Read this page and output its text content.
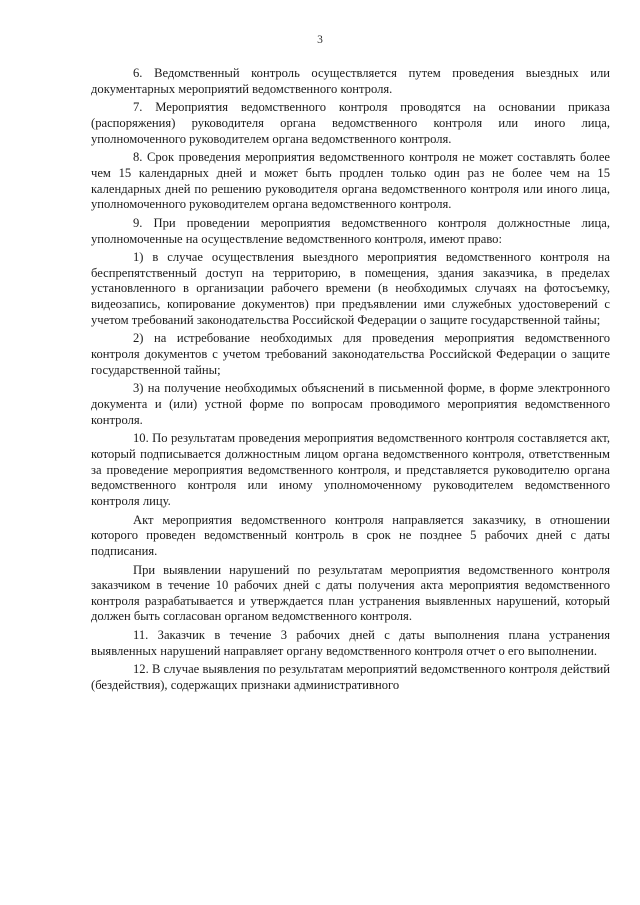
3

6. Ведомственный контроль осуществляется путем проведения выездных или документарных мероприятий ведомственного контроля.

7. Мероприятия ведомственного контроля проводятся на основании приказа (распоряжения) руководителя органа ведомственного контроля или иного лица, уполномоченного руководителем органа ведомственного контроля.

8. Срок проведения мероприятия ведомственного контроля не может составлять более чем 15 календарных дней и может быть продлен только один раз не более чем на 15 календарных дней по решению руководителя органа ведомственного контроля или иного лица, уполномоченного руководителем органа ведомственного контроля.

9. При проведении мероприятия ведомственного контроля должностные лица, уполномоченные на осуществление ведомственного контроля, имеют право:

1) в случае осуществления выездного мероприятия ведомственного контроля на беспрепятственный доступ на территорию, в помещения, здания заказчика, в пределах установленного в организации рабочего времени (в необходимых случаях на фотосъемку, видеозапись, копирование документов) при предъявлении ими служебных удостоверений с учетом требований законодательства Российской Федерации о защите государственной тайны;

2) на истребование необходимых для проведения мероприятия ведомственного контроля документов с учетом требований законодательства Российской Федерации о защите государственной тайны;

3) на получение необходимых объяснений в письменной форме, в форме электронного документа и (или) устной форме по вопросам проводимого мероприятия ведомственного контроля.

10. По результатам проведения мероприятия ведомственного контроля составляется акт, который подписывается должностным лицом органа ведомственного контроля, ответственным за проведение мероприятия ведомственного контроля, и представляется руководителю органа ведомственного контроля или иному уполномоченному руководителем ведомственного контроля лицу.

Акт мероприятия ведомственного контроля направляется заказчику, в отношении которого проведен ведомственный контроль в срок не позднее 5 рабочих дней с даты подписания.

При выявлении нарушений по результатам мероприятия ведомственного контроля заказчиком в течение 10 рабочих дней с даты получения акта мероприятия ведомственного контроля разрабатывается и утверждается план устранения выявленных нарушений, который должен быть согласован органом ведомственного контроля.

11. Заказчик в течение 3 рабочих дней с даты выполнения плана устранения выявленных нарушений направляет органу ведомственного контроля отчет о его выполнении.

12. В случае выявления по результатам мероприятий ведомственного контроля действий (бездействия), содержащих признаки административного
